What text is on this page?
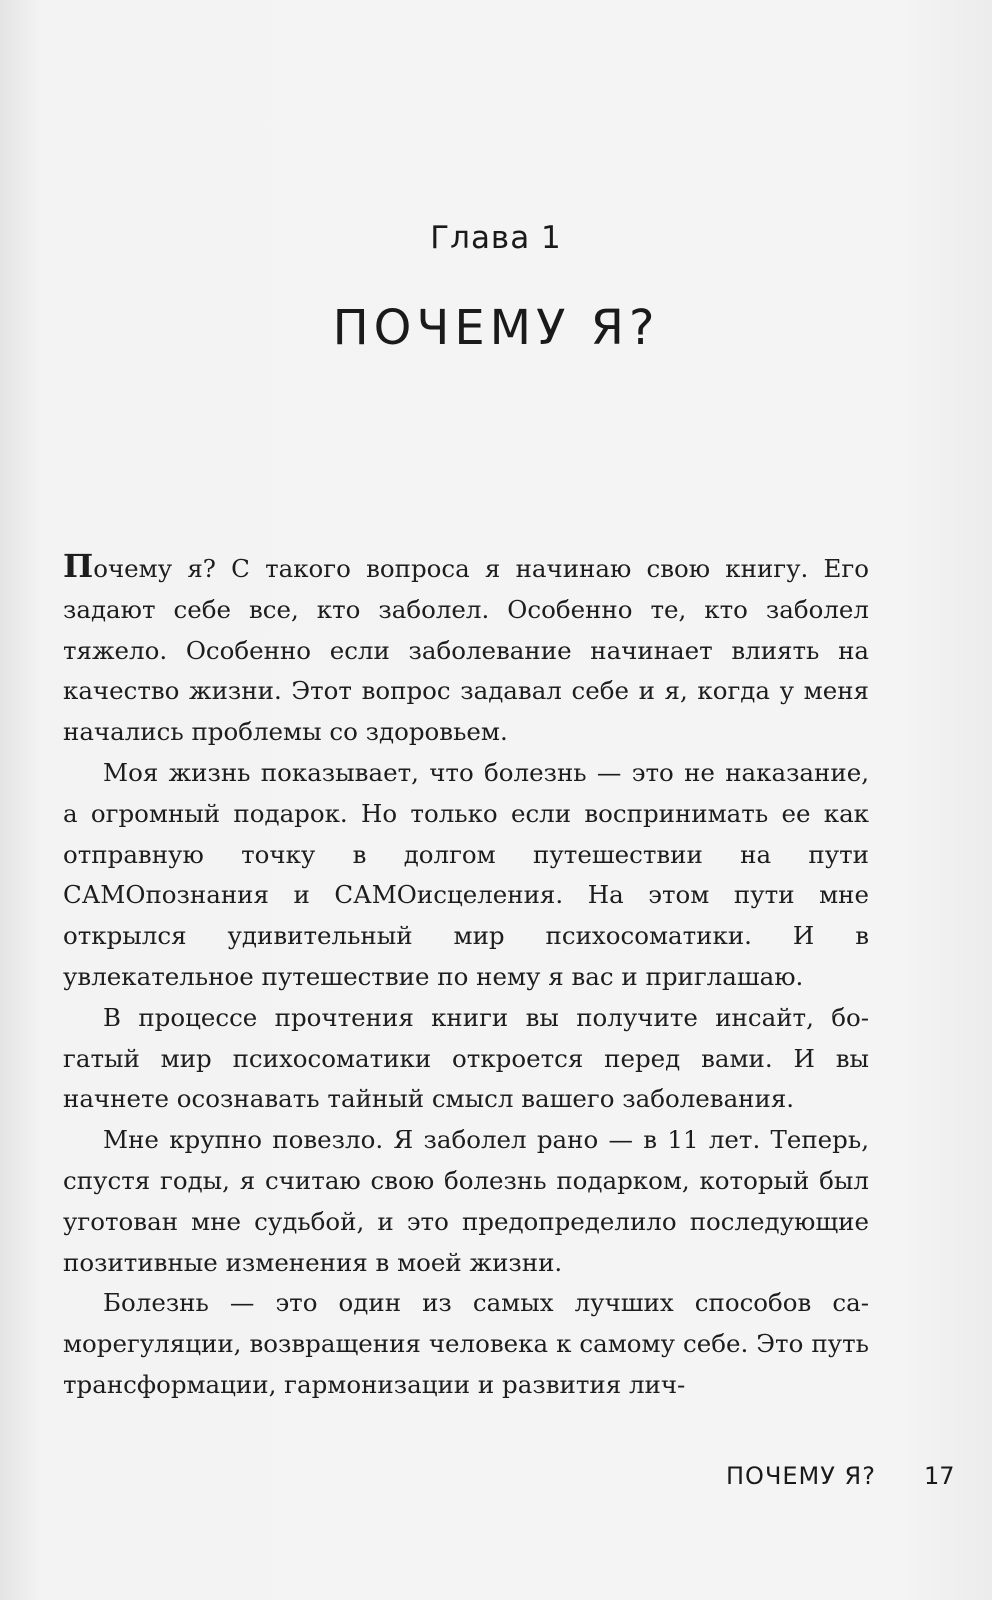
Глава 1
ПОЧЕМУ Я?

Почему я? С такого вопроса я начинаю свою книгу. Его задают себе все, кто заболел. Особенно те, кто заболел тяжело. Особенно если заболевание начинает влиять на качество жизни. Этот вопрос задавал себе и я, когда у меня начались проблемы со здоровьем.

Моя жизнь показывает, что болезнь — это не наказание, а огромный подарок. Но только если воспринимать ее как отправную точку в долгом путешествии на пути САМОпознания и САМОисцеления. На этом пути мне открылся удивительный мир психосоматики. И в увлекательное путешествие по нему я вас и приглашаю.

В процессе прочтения книги вы получите инсайт, богатый мир психосоматики откроется перед вами. И вы начнете осознавать тайный смысл вашего заболевания.

Мне крупно повезло. Я заболел рано — в 11 лет. Теперь, спустя годы, я считаю свою болезнь подарком, который был уготован мне судьбой, и это предопределило последующие позитивные изменения в моей жизни.

Болезнь — это один из самых лучших способов саморегуляции, возвращения человека к самому себе. Это путь трансформации, гармонизации и развития лич-

ПОЧЕМУ Я? 17
